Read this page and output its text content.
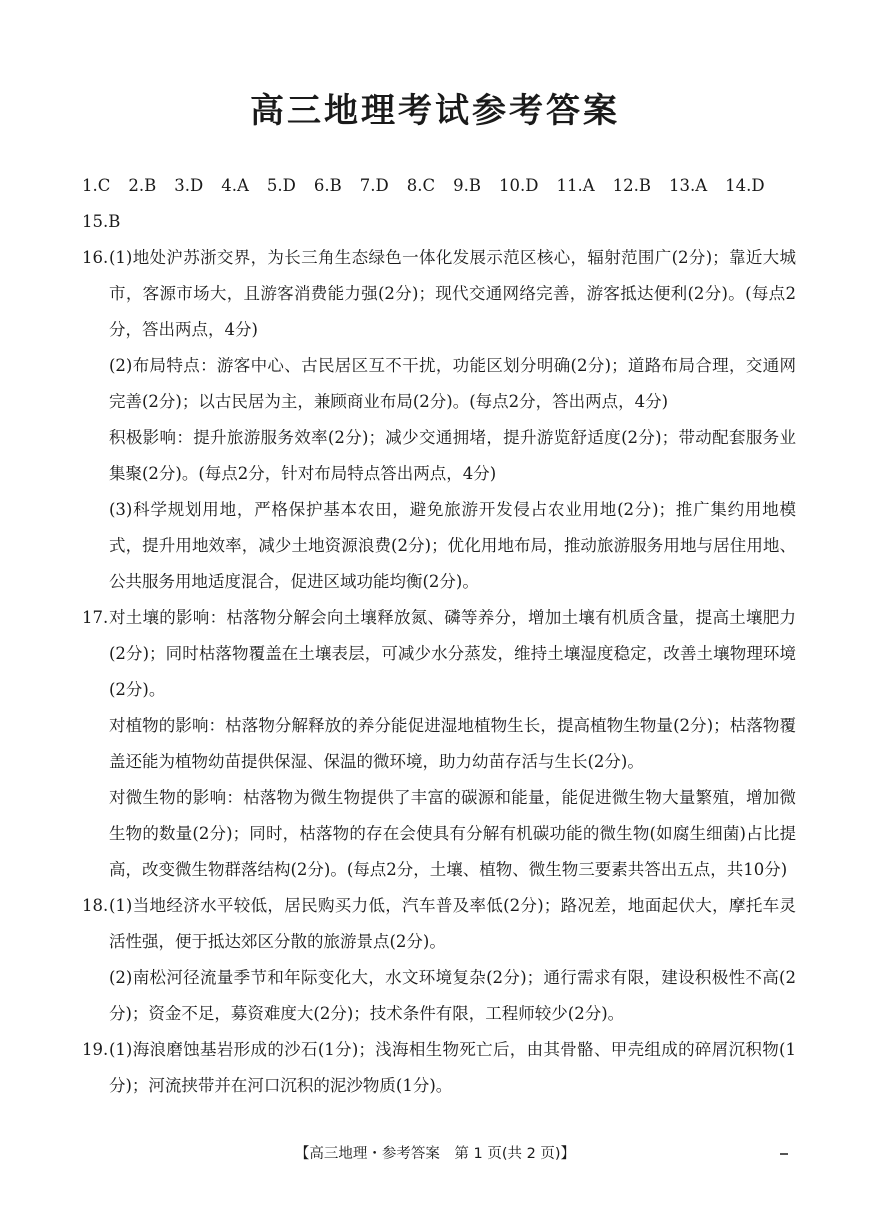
高三地理考试参考答案
1.C 2.B 3.D 4.A 5.D 6.B 7.D 8.C 9.B 10.D 11.A 12.B 13.A 14.D
15.B
16. (1)地处沪苏浙交界，为长三角生态绿色一体化发展示范区核心，辐射范围广(2分)；靠近大城市，客源市场大，且游客消费能力强(2分)；现代交通网络完善，游客抵达便利(2分)。(每点2分，答出两点，4分)
(2)布局特点：游客中心、古民居区互不干扰，功能区划分明确(2分)；道路布局合理，交通网完善(2分)；以古民居为主，兼顾商业布局(2分)。(每点2分，答出两点，4分)
积极影响：提升旅游服务效率(2分)；减少交通拥堵，提升游览舒适度(2分)；带动配套服务业集聚(2分)。(每点2分，针对布局特点答出两点，4分)
(3)科学规划用地，严格保护基本农田，避免旅游开发侵占农业用地(2分)；推广集约用地模式，提升用地效率，减少土地资源浪费(2分)；优化用地布局，推动旅游服务用地与居住用地、公共服务用地适度混合，促进区域功能均衡(2分)。
17. 对土壤的影响：枯落物分解会向土壤释放氮、磷等养分，增加土壤有机质含量，提高土壤肥力(2分)；同时枯落物覆盖在土壤表层，可减少水分蒸发，维持土壤湿度稳定，改善土壤物理环境(2分)。
对植物的影响：枯落物分解释放的养分能促进湿地植物生长，提高植物生物量(2分)；枯落物覆盖还能为植物幼苗提供保湿、保温的微环境，助力幼苗存活与生长(2分)。
对微生物的影响：枯落物为微生物提供了丰富的碳源和能量，能促进微生物大量繁殖，增加微生物的数量(2分)；同时，枯落物的存在会使具有分解有机碳功能的微生物(如腐生细菌)占比提高，改变微生物群落结构(2分)。(每点2分，土壤、植物、微生物三要素共答出五点，共10分)
18. (1)当地经济水平较低，居民购买力低，汽车普及率低(2分)；路况差，地面起伏大，摩托车灵活性强，便于抵达郊区分散的旅游景点(2分)。
(2)南松河径流量季节和年际变化大，水文环境复杂(2分)；通行需求有限，建设积极性不高(2分)；资金不足，募资难度大(2分)；技术条件有限，工程师较少(2分)。
19. (1)海浪磨蚀基岩形成的沙石(1分)；浅海相生物死亡后，由其骨骼、甲壳组成的碎屑沉积物(1分)；河流挟带并在河口沉积的泥沙物质(1分)。
【高三地理・参考答案　第 1 页(共 2 页)】
